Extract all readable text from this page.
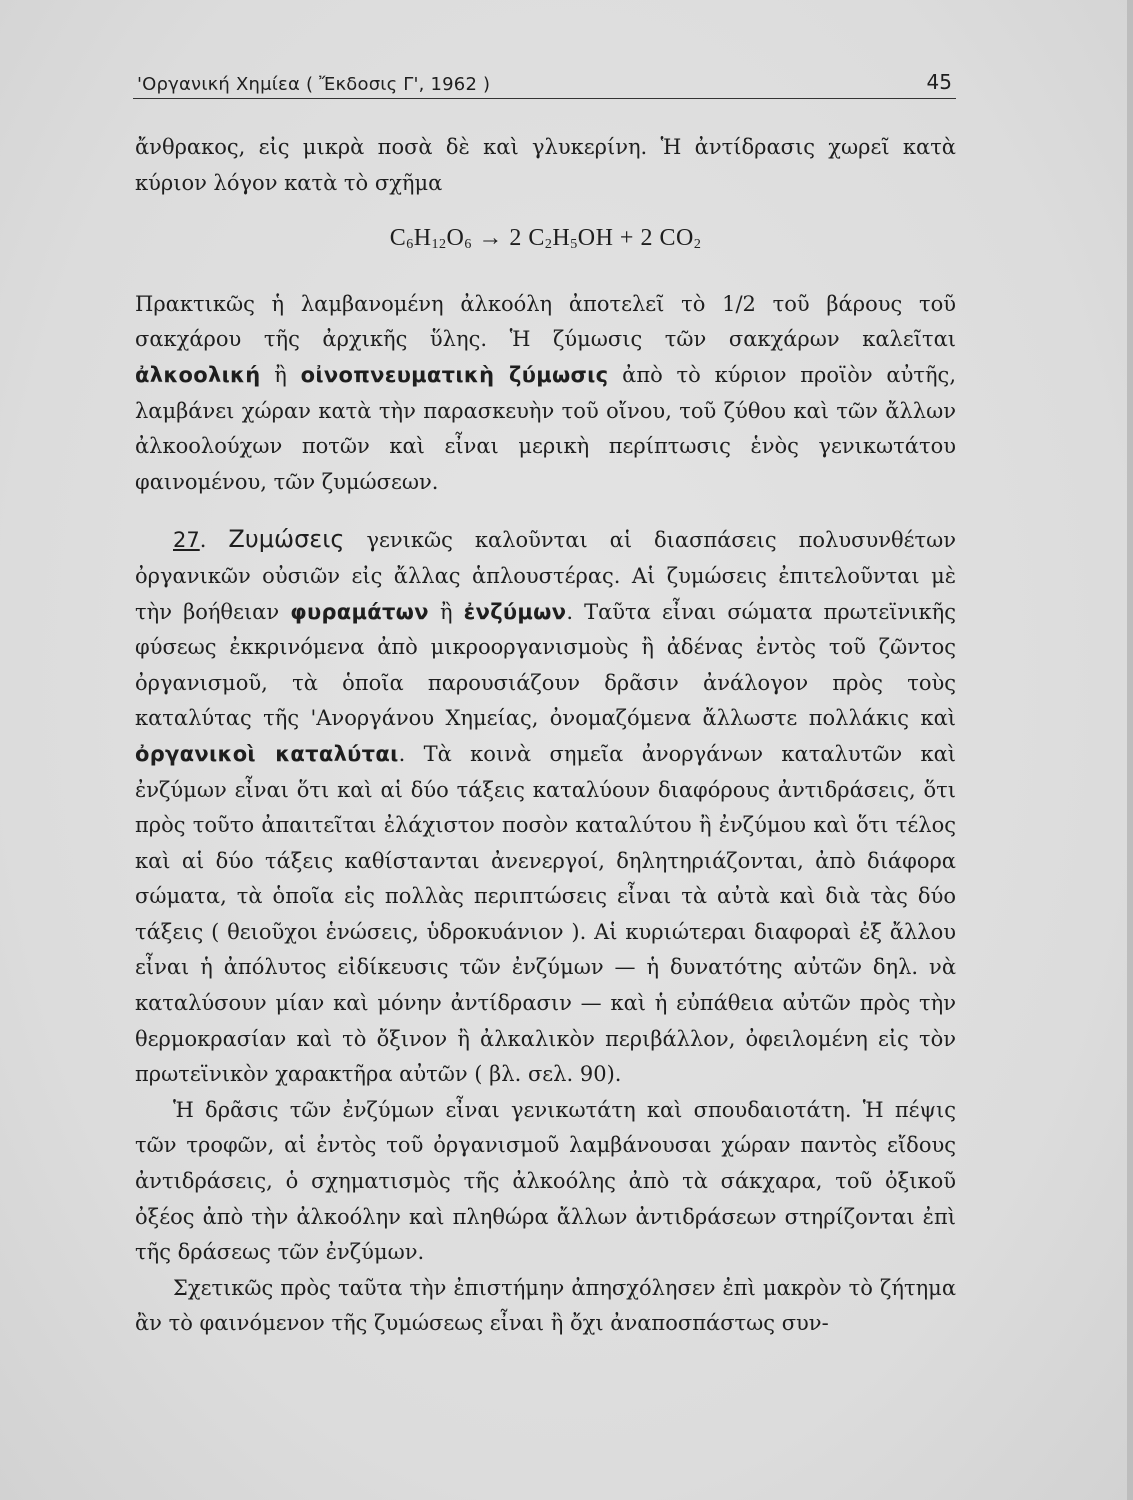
'Οργανική Χημίεα ( Ἔκδοσις Γ', 1962 )	45

ἄνθρακος, εἰς μικρὰ ποσὰ δὲ καὶ γλυκερίνη. Ἡ ἀντίδρασις χωρεῖ κατὰ κύριον λόγον κατὰ τὸ σχῆμα

$C_6H_{12}O_6 \to 2$ $C_2H_5OH + 2$ $CO_2$

Πρακτικῶς ἡ λαμβανομένη ἀλκοόλη ἀποτελεῖ τὸ 1/2 τοῦ βάρους τοῦ σακχάρου τῆς ἀρχικῆς ὕλης. Ἡ ζύμωσις τῶν σακχάρων καλεῖται ἀλκοολική ἢ οἰνοπνευματικὴ ζύμωσις ἀπὸ τὸ κύριον προϊὸν αὐτῆς, λαμβάνει χώραν κατὰ τὴν παρασκευὴν τοῦ οἴνου, τοῦ ζύθου καὶ τῶν ἄλλων ἀλκοολούχων ποτῶν καὶ εἶναι μερικὴ περίπτωσις ἑνὸς γενικωτάτου φαινομένου, τῶν ζυμώσεων.

27. Ζυμώσεις γενικῶς καλοῦνται αἱ διασπάσεις πολυσυνθέτων ὀργανικῶν οὐσιῶν εἰς ἄλλας ἁπλουστέρας. Αἱ ζυμώσεις ἐπιτελοῦνται μὲ τὴν βοήθειαν φυραμάτων ἢ ἐνζύμων. Ταῦτα εἶναι σώματα πρωτεϊνικῆς φύσεως ἐκκρινόμενα ἀπὸ μικροοργανισμοὺς ἢ ἀδένας ἐντὸς τοῦ ζῶντος ὀργανισμοῦ, τὰ ὁποῖα παρουσιάζουν δρᾶσιν ἀνάλογον πρὸς τοὺς καταλύτας τῆς 'Ανοργάνου Χημείας, ὀνομαζόμενα ἄλλωστε πολλάκις καὶ ὀργανικοὶ καταλύται. Τὰ κοινὰ σημεῖα ἀνοργάνων καταλυτῶν καὶ ἐνζύμων εἶναι ὅτι καὶ αἱ δύο τάξεις καταλύουν διαφόρους ἀντιδράσεις, ὅτι πρὸς τοῦτο ἀπαιτεῖται ἐλάχιστον ποσὸν καταλύτου ἢ ἐνζύμου καὶ ὅτι τέλος καὶ αἱ δύο τάξεις καθίστανται ἀνενεργοί, δηλητηριάζονται, ἀπὸ διάφορα σώματα, τὰ ὁποῖα εἰς πολλὰς περιπτώσεις εἶναι τὰ αὐτὰ καὶ διὰ τὰς δύο τάξεις ( θειοῦχοι ἑνώσεις, ὑδροκυάνιον ). Αἱ κυριώτεραι διαφοραὶ ἐξ ἄλλου εἶναι ἡ ἀπόλυτος εἰδίκευσις τῶν ἐνζύμων — ἡ δυνατότης αὐτῶν δηλ. νὰ καταλύσουν μίαν καὶ μόνην ἀντίδρασιν — καὶ ἡ εὐπάθεια αὐτῶν πρὸς τὴν θερμοκρασίαν καὶ τὸ ὄξινον ἢ ἀλκαλικὸν περιβάλλον, ὀφειλομένη εἰς τὸν πρωτεϊνικὸν χαρακτῆρα αὐτῶν ( βλ. σελ. 90).

Ἡ δρᾶσις τῶν ἐνζύμων εἶναι γενικωτάτη καὶ σπουδαιοτάτη. Ἡ πέψις τῶν τροφῶν, αἱ ἐντὸς τοῦ ὀργανισμοῦ λαμβάνουσαι χώραν παντὸς εἴδους ἀντιδράσεις, ὁ σχηματισμὸς τῆς ἀλκοόλης ἀπὸ τὰ σάκχαρα, τοῦ ὀξικοῦ ὀξέος ἀπὸ τὴν ἀλκοόλην καὶ πληθώρα ἄλλων ἀντιδράσεων στηρίζονται ἐπὶ τῆς δράσεως τῶν ἐνζύμων.

Σχετικῶς πρὸς ταῦτα τὴν ἐπιστήμην ἀπησχόλησεν ἐπὶ μακρὸν τὸ ζήτημα ἂν τὸ φαινόμενον τῆς ζυμώσεως εἶναι ἢ ὄχι ἀναποσπάστως συν-
